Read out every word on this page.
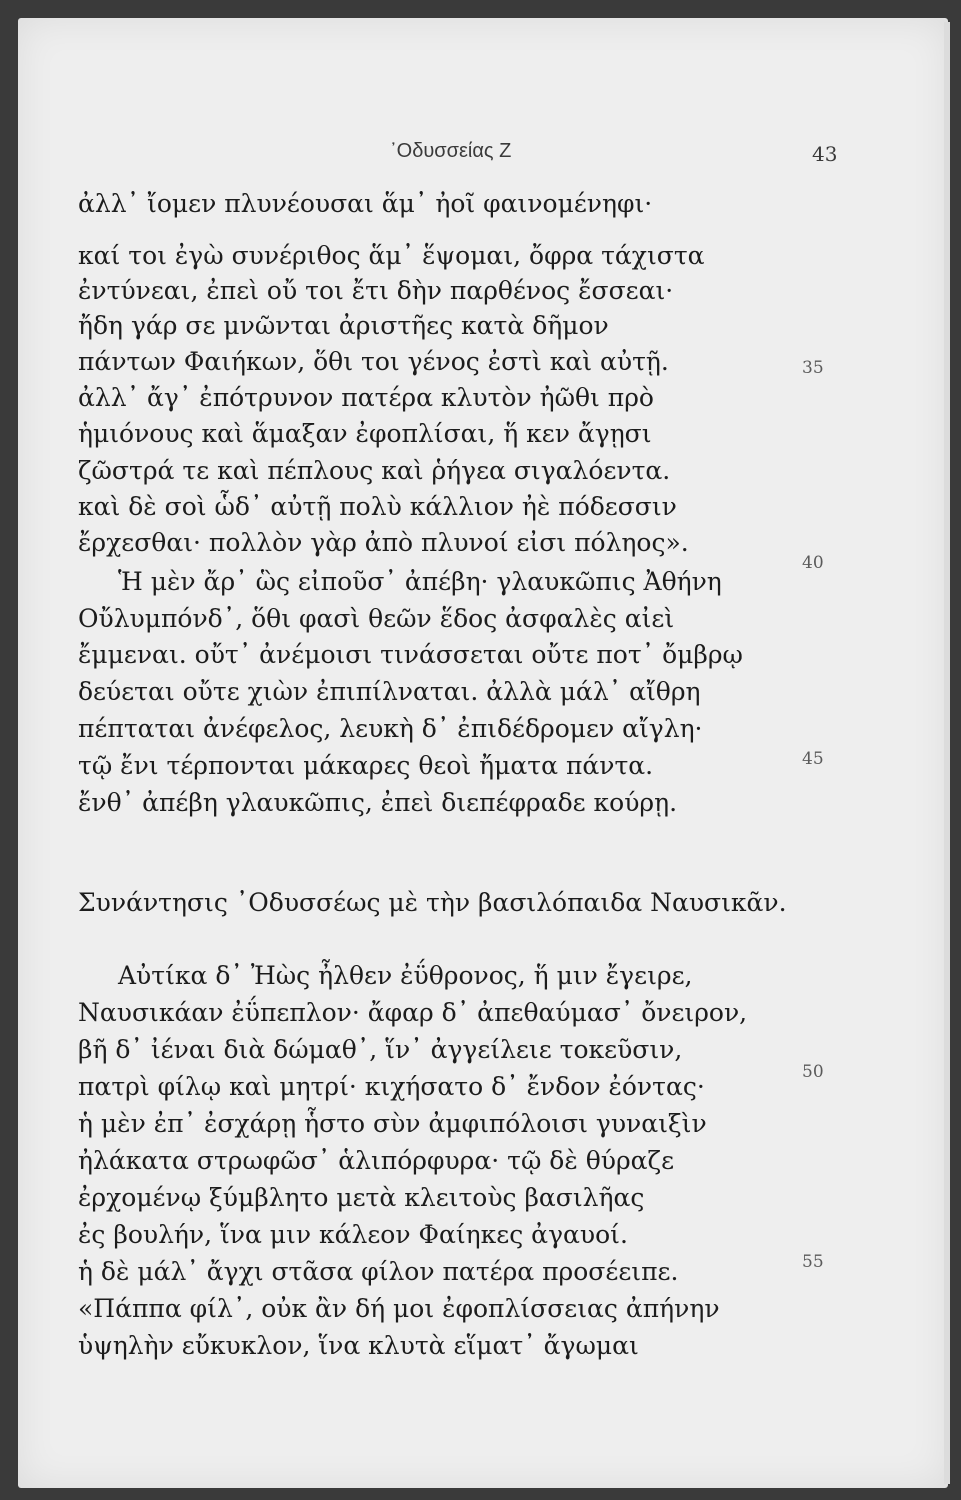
᾿Οδυσσείας Ζ	43
ἀλλ᾿ ἴομεν πλυνέουσαι ἅμ᾿ ἠοῖ φαινομένηφι·
καί τοι ἐγὼ συνέριθος ἅμ᾿ ἕψομαι, ὄφρα τάχιστα
ἐντύνεαι, ἐπεὶ οὔ τοι ἔτι δὴν παρθένος ἔσσεαι·
ἤδη γάρ σε μνῶνται ἀριστῆες κατὰ δῆμον
πάντων Φαιήκων, ὅθι τοι γένος ἐστὶ καὶ αὐτῇ.
ἀλλ᾿ ἄγ᾿ ἐπότρυνον πατέρα κλυτὸν ἠῶθι πρὸ
ἡμιόνους καὶ ἅμαξαν ἐφοπλίσαι, ἥ κεν ἄγῃσι
ζῶστρά τε καὶ πέπλους καὶ ῥήγεα σιγαλόεντα.
καὶ δὲ σοὶ ὧδ᾿ αὐτῇ πολὺ κάλλιον ἠὲ πόδεσσιν
ἔρχεσθαι· πολλὸν γὰρ ἀπὸ πλυνοί εἰσι πόληος».
Ἡ μὲν ἄρ᾿ ὣς εἰποῦσ᾿ ἀπέβη· γλαυκῶπις Ἀθήνη
Οὔλυμπόνδ᾿, ὅθι φασὶ θεῶν ἕδος ἀσφαλὲς αἰεὶ
ἔμμεναι. οὔτ᾿ ἀνέμοισι τινάσσεται οὔτε ποτ᾿ ὄμβρῳ
δεύεται οὔτε χιὼν ἐπιπίλναται. ἀλλὰ μάλ᾿ αἴθρη
πέπταται ἀνέφελος, λευκὴ δ᾿ ἐπιδέδρομεν αἴγλη·
τῷ ἔνι τέρπονται μάκαρες θεοὶ ἤματα πάντα.
ἔνθ᾿ ἀπέβη γλαυκῶπις, ἐπεὶ διεπέφραδε κούρῃ.
Συνάντησις ᾿Οδυσσέως μὲ τὴν βασιλόπαιδα Ναυσικᾶν.
Αὐτίκα δ᾿ Ἠὼς ἦλθεν ἐΰθρονος, ἥ μιν ἔγειρε,
Ναυσικάαν ἐΰπεπλον· ἄφαρ δ᾿ ἀπεθαύμασ᾿ ὄνειρον,
βῆ δ᾿ ἰέναι διὰ δώμαθ᾿, ἵν᾿ ἀγγείλειε τοκεῦσιν,
πατρὶ φίλῳ καὶ μητρί· κιχήσατο δ᾿ ἔνδον ἐόντας·
ἡ μὲν ἐπ᾿ ἐσχάρῃ ἧστο σὺν ἀμφιπόλοισι γυναιξὶν
ἠλάκατα στρωφῶσ᾿ ἁλιπόρφυρα· τῷ δὲ θύραζε
ἐρχομένῳ ξύμβλητο μετὰ κλειτοὺς βασιλῆας
ἐς βουλήν, ἵνα μιν κάλεον Φαίηκες ἀγαυοί.
ἡ δὲ μάλ᾿ ἄγχι στᾶσα φίλον πατέρα προσέειπε.
«Πάππα φίλ᾿, οὐκ ἂν δή μοι ἐφοπλίσσειας ἀπήνην
ὑψηλὴν εὔκυκλον, ἵνα κλυτὰ εἵματ᾿ ἄγωμαι
35
40
45
50
55
